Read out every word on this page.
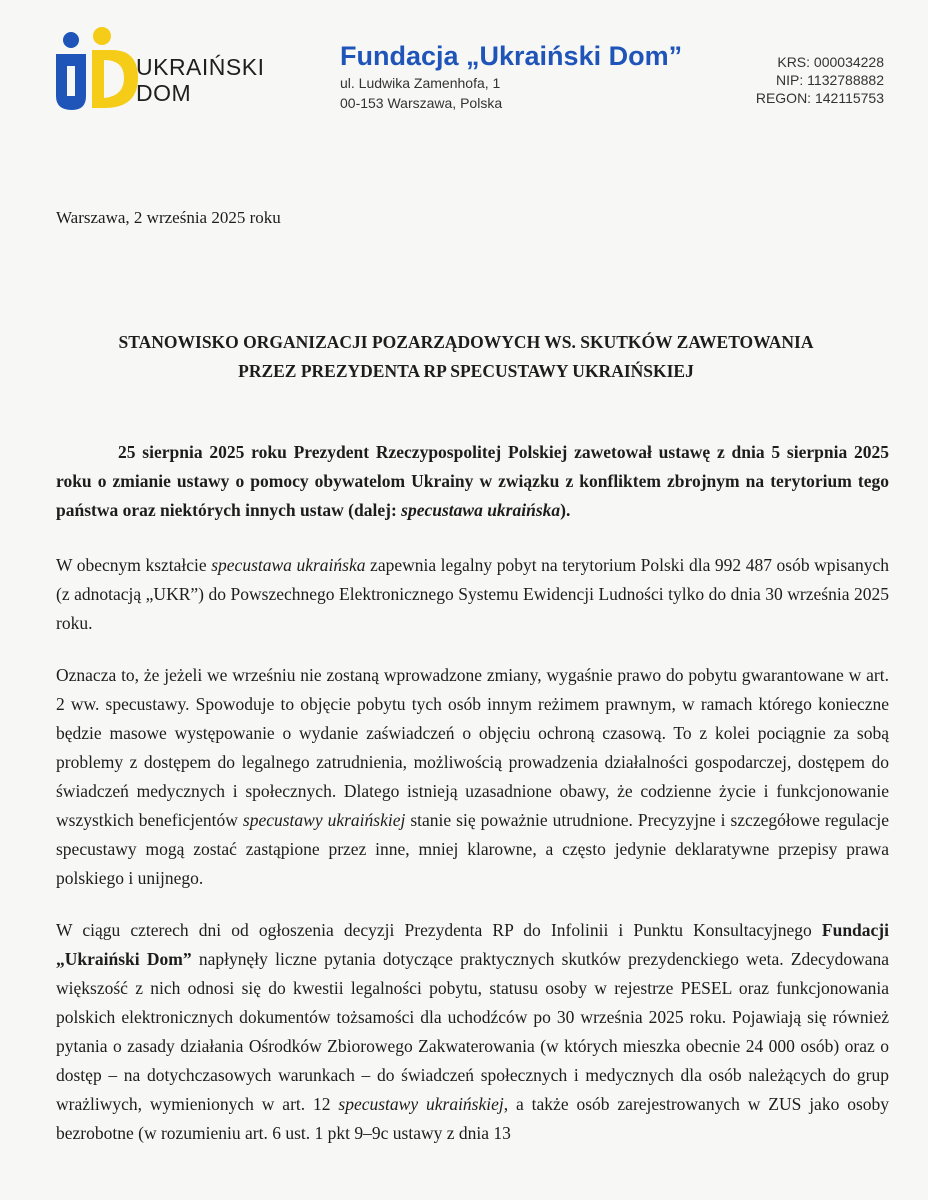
UKRAIŃSKI
DOM
Fundacja „Ukraiński Dom”
ul. Ludwika Zamenhofa, 1
00-153 Warszawa, Polska
KRS: 000034228
NIP: 1132788882
REGON: 142115753
Warszawa, 2 września 2025 roku
STANOWISKO ORGANIZACJI POZARZĄDOWYCH WS. SKUTKÓW ZAWETOWANIA
PRZEZ PREZYDENTA RP SPECUSTAWY UKRAIŃSKIEJ

25 sierpnia 2025 roku Prezydent Rzeczypospolitej Polskiej zawetował ustawę z dnia 5 sierpnia 2025 roku o zmianie ustawy o pomocy obywatelom Ukrainy w związku z konfliktem zbrojnym na terytorium tego państwa oraz niektórych innych ustaw (dalej: specustawa ukraińska).

W obecnym kształcie specustawa ukraińska zapewnia legalny pobyt na terytorium Polski dla 992 487 osób wpisanych (z adnotacją „UKR”) do Powszechnego Elektronicznego Systemu Ewidencji Ludności tylko do dnia 30 września 2025 roku.

Oznacza to, że jeżeli we wrześniu nie zostaną wprowadzone zmiany, wygaśnie prawo do pobytu gwarantowane w art. 2 ww. specustawy. Spowoduje to objęcie pobytu tych osób innym reżimem prawnym, w ramach którego konieczne będzie masowe występowanie o wydanie zaświadczeń o objęciu ochroną czasową. To z kolei pociągnie za sobą problemy z dostępem do legalnego zatrudnienia, możliwością prowadzenia działalności gospodarczej, dostępem do świadczeń medycznych i społecznych. Dlatego istnieją uzasadnione obawy, że codzienne życie i funkcjonowanie wszystkich beneficjentów specustawy ukraińskiej stanie się poważnie utrudnione. Precyzyjne i szczegółowe regulacje specustawy mogą zostać zastąpione przez inne, mniej klarowne, a często jedynie deklaratywne przepisy prawa polskiego i unijnego.

W ciągu czterech dni od ogłoszenia decyzji Prezydenta RP do Infolinii i Punktu Konsultacyjnego Fundacji „Ukraiński Dom” napłynęły liczne pytania dotyczące praktycznych skutków prezydenckiego weta. Zdecydowana większość z nich odnosi się do kwestii legalności pobytu, statusu osoby w rejestrze PESEL oraz funkcjonowania polskich elektronicznych dokumentów tożsamości dla uchodźców po 30 września 2025 roku. Pojawiają się również pytania o zasady działania Ośrodków Zbiorowego Zakwaterowania (w których mieszka obecnie 24 000 osób) oraz o dostęp – na dotychczasowych warunkach – do świadczeń społecznych i medycznych dla osób należących do grup wrażliwych, wymienionych w art. 12 specustawy ukraińskiej, a także osób zarejestrowanych w ZUS jako osoby bezrobotne (w rozumieniu art. 6 ust. 1 pkt 9–9c ustawy z dnia 13
